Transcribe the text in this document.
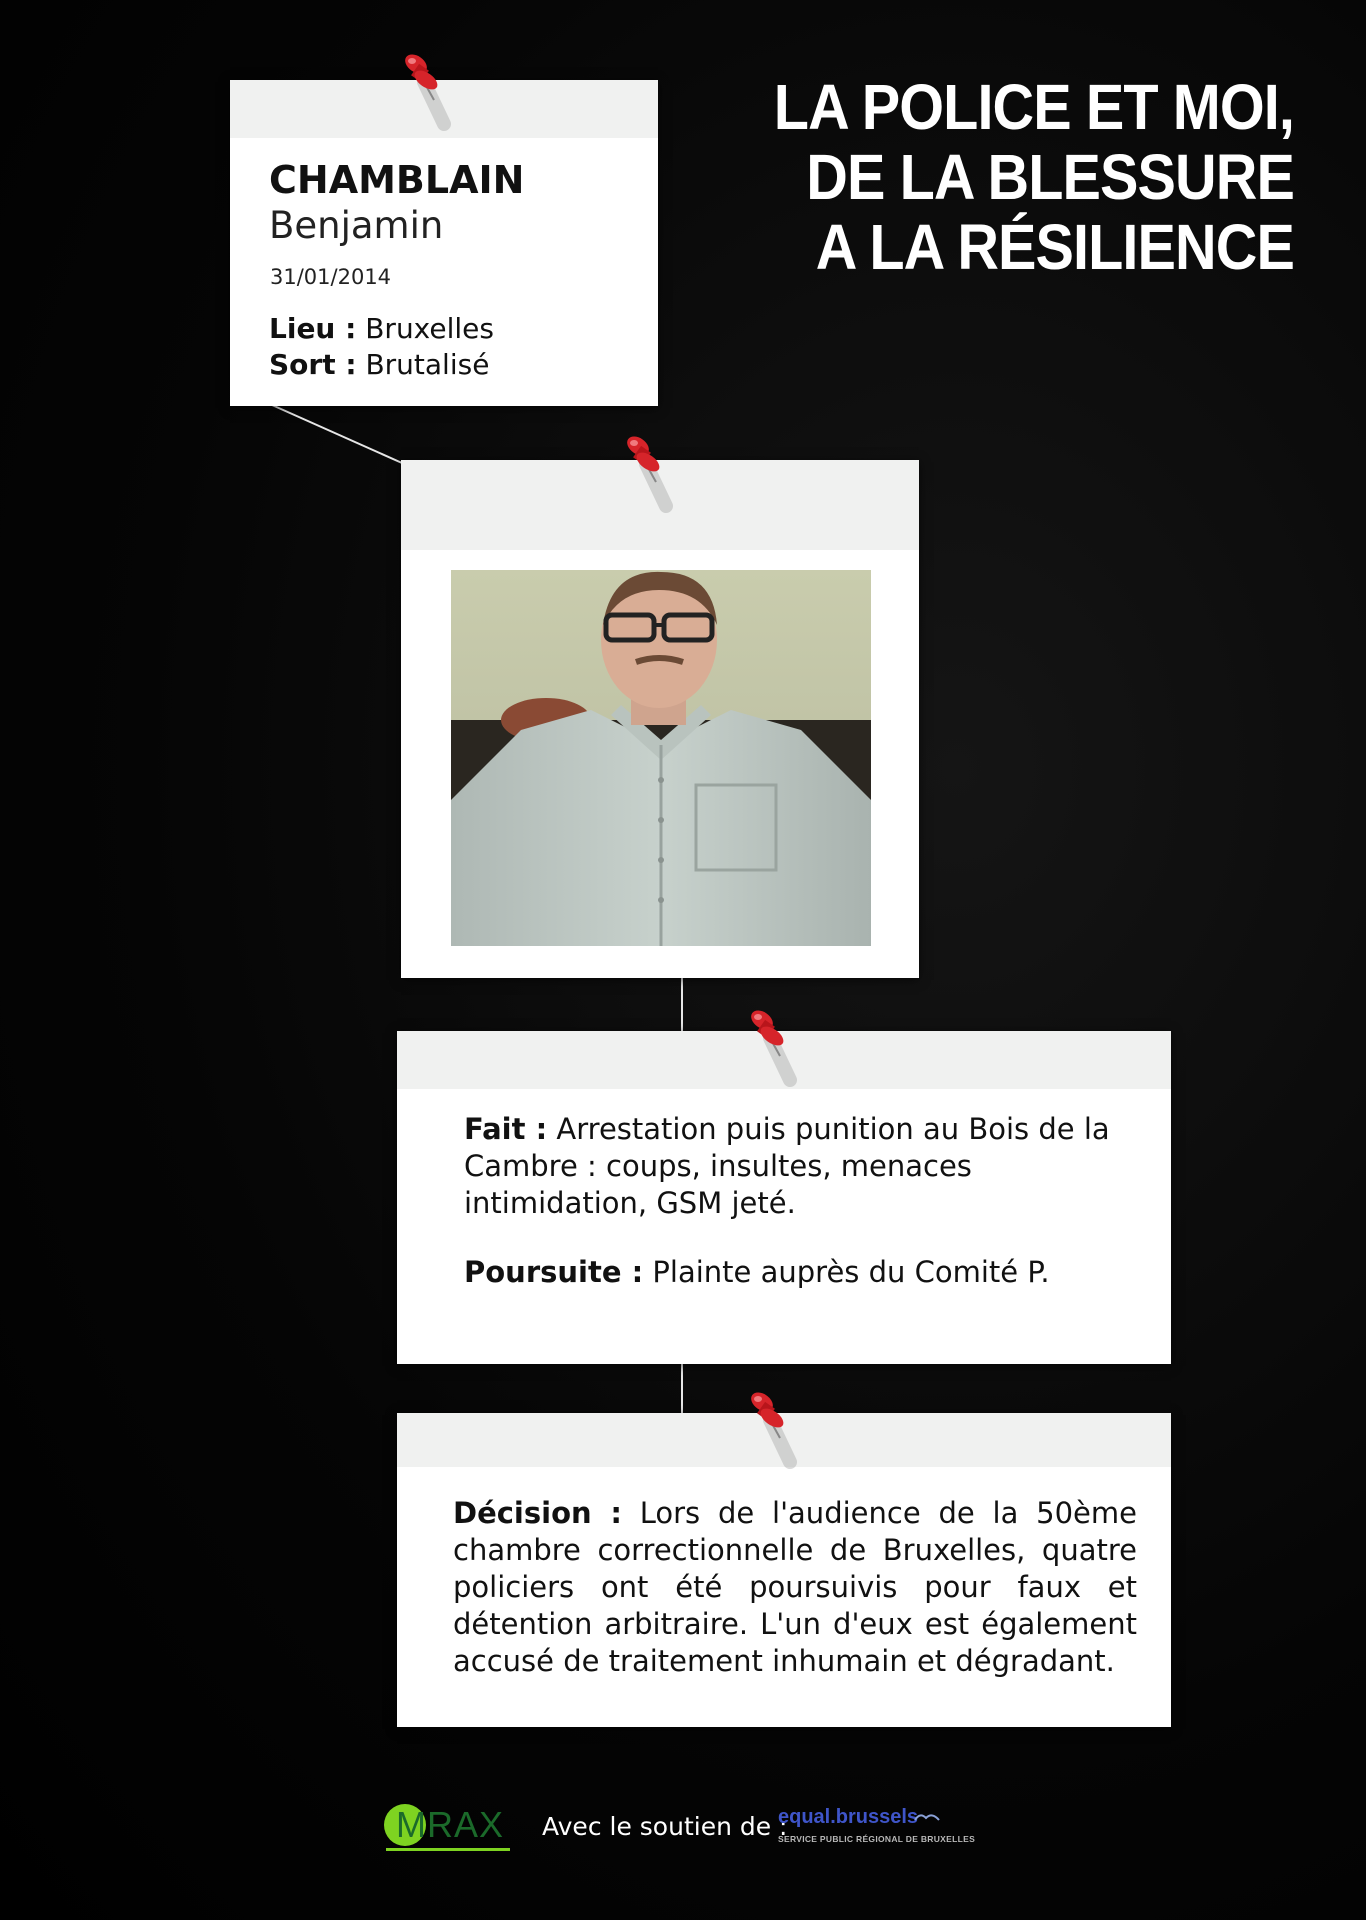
LA POLICE ET MOI,
DE LA BLESSURE
A LA RÉSILIENCE
CHAMBLAIN
Benjamin
31/01/2014
Lieu : Bruxelles
Sort : Brutalisé
Fait : Arrestation puis punition au Bois de la Cambre : coups, insultes, menaces intimidation, GSM jeté.
Poursuite : Plainte auprès du Comité P.
Décision : Lors de l'audience de la 50ème chambre correctionnelle de Bruxelles, quatre policiers ont été poursuivis pour faux et détention arbitraire. L'un d'eux est également accusé de traitement inhumain et dégradant.
MRAX Avec le soutien de :
equal.brussels
SERVICE PUBLIC RÉGIONAL DE BRUXELLES
